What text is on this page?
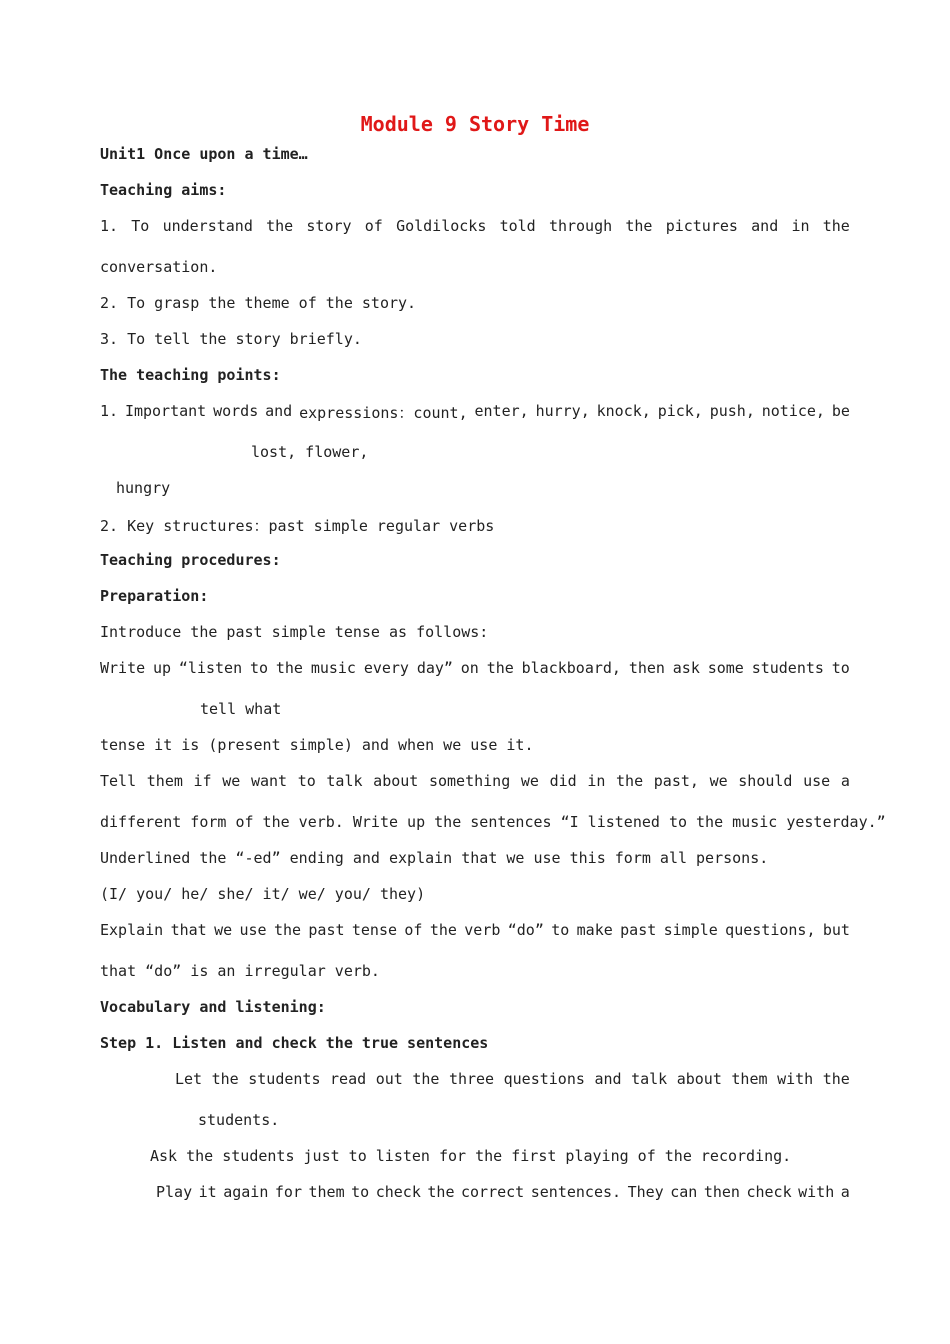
Module 9 Story Time
Unit1 Once upon a time…
Teaching aims:
1. To understand the story of Goldilocks told through the pictures and in the
conversation.
2. To grasp the theme of the story.
3. To tell the story briefly.
The teaching points:
1. Important words and expressions：count, enter, hurry, knock, pick, push, notice, be
lost, flower,
hungry
2. Key structures：past simple regular verbs
Teaching procedures:
Preparation:
Introduce the past simple tense as follows:
Write up “listen to the music every day” on the blackboard, then ask some students to
tell what
tense it is (present simple) and when we use it.
Tell them if we want to talk about something we did in the past, we should use a
different form of the verb. Write up the sentences “I listened to the music yesterday.”
Underlined the “-ed” ending and explain that we use this form all persons.
(I/ you/ he/ she/ it/ we/ you/ they)
Explain that we use the past tense of the verb “do” to make past simple questions, but
that “do” is an irregular verb.
Vocabulary and listening:
Step 1. Listen and check the true sentences
Let the students read out the three questions and talk about them with the
students.
Ask the students just to listen for the first playing of the recording.
Play it again for them to check the correct sentences. They can then check with a
